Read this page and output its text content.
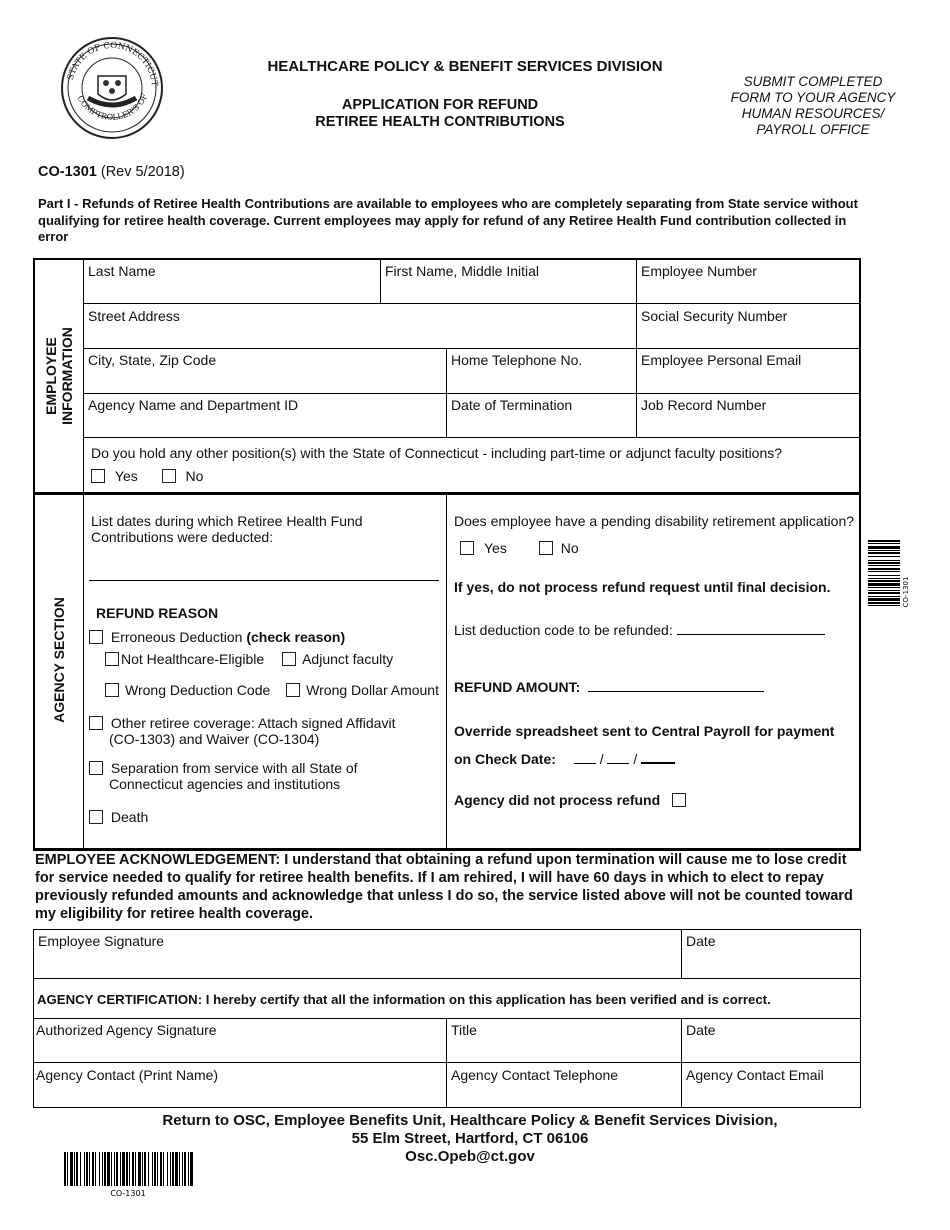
STATE OF CONNECTICUT
COMPTROLLER'S OF
HEALTHCARE POLICY & BENEFIT SERVICES DIVISION
APPLICATION FOR REFUND
RETIREE HEALTH CONTRIBUTIONS
SUBMIT COMPLETED
FORM TO YOUR AGENCY
HUMAN RESOURCES/
PAYROLL OFFICE
CO-1301 (Rev 5/2018)
Part I - Refunds of Retiree Health Contributions are available to employees who are completely separating from State service without qualifying for retiree health coverage. Current employees may apply for refund of any Retiree Health Fund contribution collected in error
EMPLOYEE INFORMATION
Last Name	First Name, Middle Initial	Employee Number
Street Address	Social Security Number
City, State, Zip Code	Home Telephone No.	Employee Personal Email
Agency Name and Department ID	Date of Termination	Job Record Number
Do you hold any other position(s) with the State of Connecticut - including part-time or adjunct faculty positions?
Yes	No
AGENCY SECTION
List dates during which Retiree Health Fund Contributions were deducted:
REFUND REASON
Erroneous Deduction (check reason)
Not Healthcare-Eligible	Adjunct faculty
Wrong Deduction Code	Wrong Dollar Amount
Other retiree coverage: Attach signed Affidavit
(CO-1303) and Waiver (CO-1304)
Separation from service with all State of
Connecticut agencies and institutions
Death
Does employee have a pending disability retirement application?
Yes	No
If yes, do not process refund request until final decision.
List deduction code to be refunded:
REFUND AMOUNT:
Override spreadsheet sent to Central Payroll for payment
on Check Date:	/ /
Agency did not process refund
EMPLOYEE ACKNOWLEDGEMENT: I understand that obtaining a refund upon termination will cause me to lose credit for service needed to qualify for retiree health benefits. If I am rehired, I will have 60 days in which to elect to repay previously refunded amounts and acknowledge that unless I do so, the service listed above will not be counted toward my eligibility for retiree health coverage.
Employee Signature	Date
AGENCY CERTIFICATION: I hereby certify that all the information on this application has been verified and is correct.
Authorized Agency Signature	Title	Date
Agency Contact (Print Name)	Agency Contact Telephone	Agency Contact Email
Return to OSC, Employee Benefits Unit, Healthcare Policy & Benefit Services Division,
55 Elm Street, Hartford, CT 06106
Osc.Opeb@ct.gov
CO-1301
CO-1301
